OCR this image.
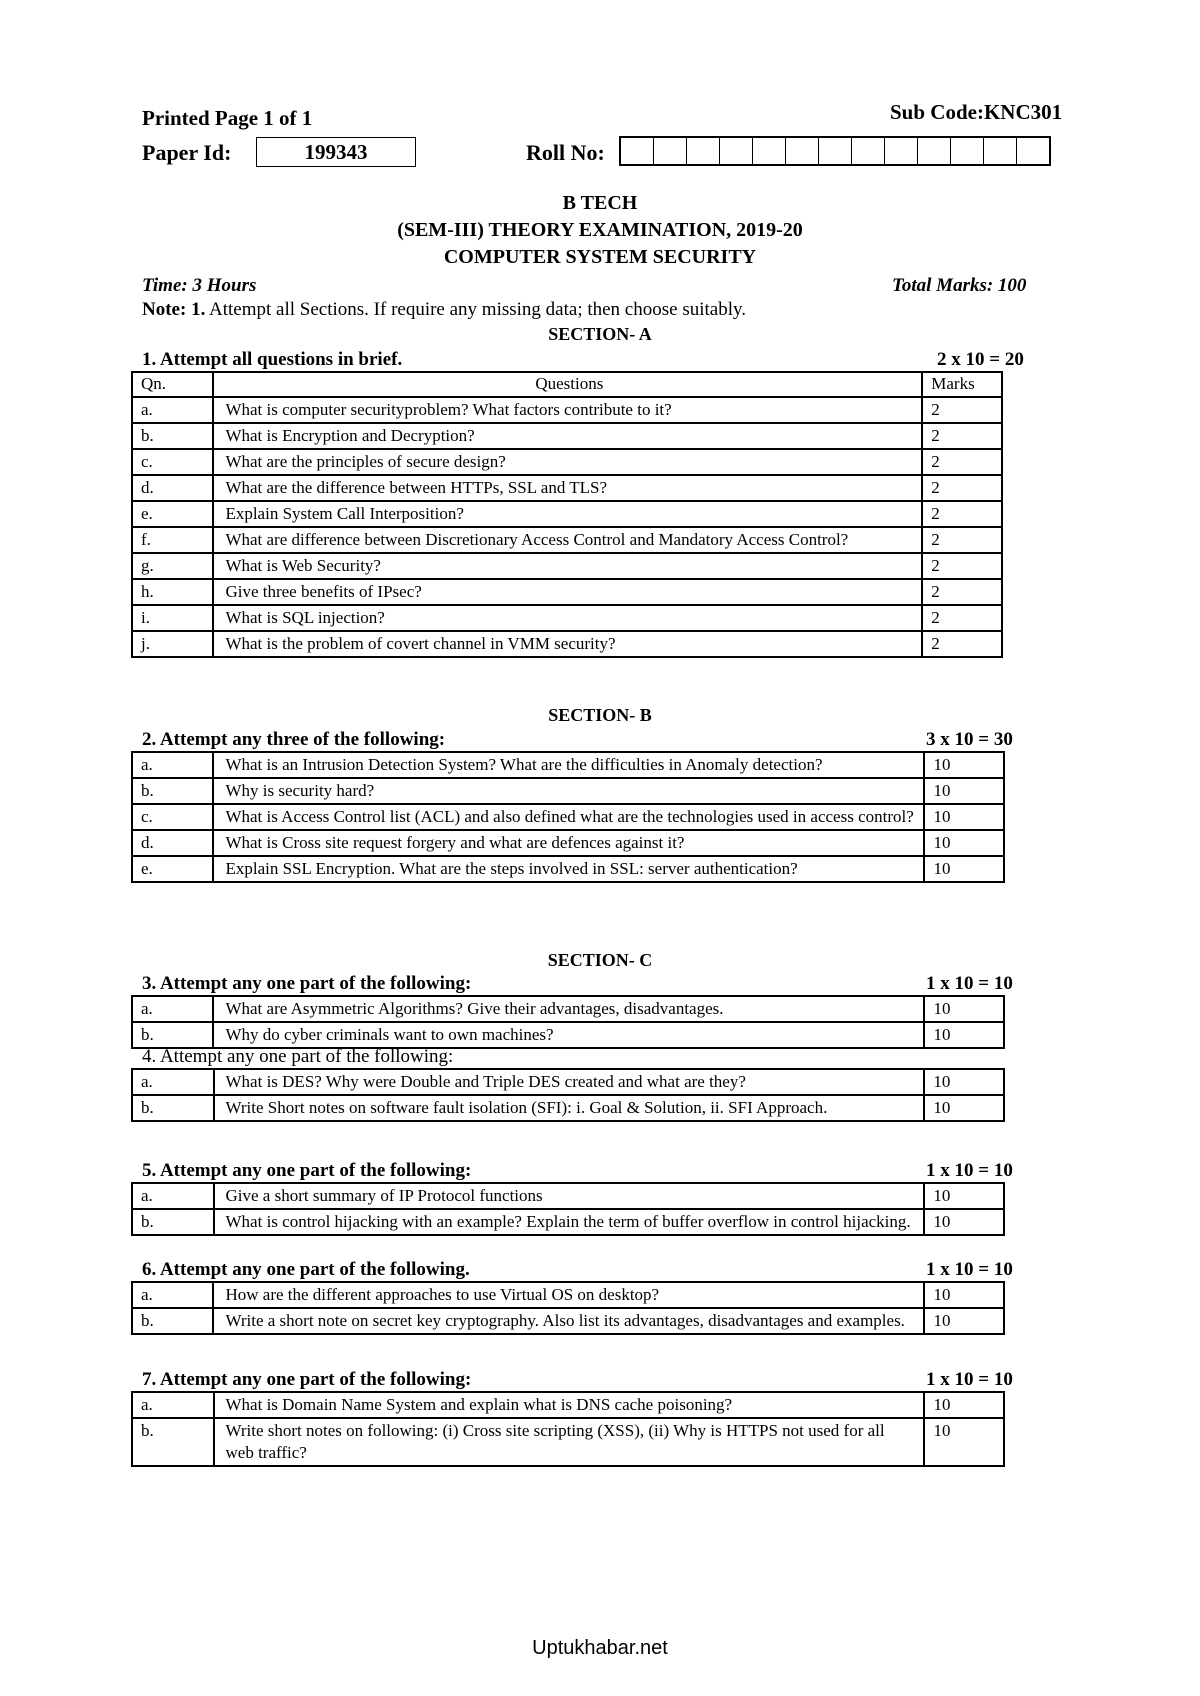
Printed Page 1 of 1	Sub Code:KNC301
Paper Id:	199343	Roll No:
B TECH
(SEM-III) THEORY EXAMINATION, 2019-20
COMPUTER SYSTEM SECURITY
Time: 3 Hours	Total Marks: 100
Note: 1. Attempt all Sections. If require any missing data; then choose suitably.
SECTION- A
1. Attempt all questions in brief.	2 x 10 = 20
Qn.	Questions	Marks
a.	What is computer securityproblem? What factors contribute to it?	2
b.	What is Encryption and Decryption?	2
c.	What are the principles of secure design?	2
d.	What are the difference between HTTPs, SSL and TLS?	2
e.	Explain System Call Interposition?	2
f.	What are difference between Discretionary Access Control and Mandatory Access Control?	2
g.	What is Web Security?	2
h.	Give three benefits of IPsec?	2
i.	What is SQL injection?	2
j.	What is the problem of covert channel in VMM security?	2
SECTION- B
2. Attempt any three of the following:	3 x 10 = 30
a.	What is an Intrusion Detection System? What are the difficulties in Anomaly detection?	10
b.	Why is security hard?	10
c.	What is Access Control list (ACL) and also defined what are the technologies used in access control?	10
d.	What is Cross site request forgery and what are defences against it?	10
e.	Explain SSL Encryption. What are the steps involved in SSL: server authentication?	10
SECTION- C
3. Attempt any one part of the following:	1 x 10 = 10
a.	What are Asymmetric Algorithms? Give their advantages, disadvantages.	10
b.	Why do cyber criminals want to own machines?	10
4. Attempt any one part of the following:
a.	What is DES? Why were Double and Triple DES created and what are they?	10
b.	Write Short notes on software fault isolation (SFI): i. Goal & Solution, ii. SFI Approach.	10
5. Attempt any one part of the following:	1 x 10 = 10
a.	Give a short summary of IP Protocol functions	10
b.	What is control hijacking with an example? Explain the term of buffer overflow in control hijacking.	10
6. Attempt any one part of the following.	1 x 10 = 10
a.	How are the different approaches to use Virtual OS on desktop?	10
b.	Write a short note on secret key cryptography. Also list its advantages, disadvantages and examples.	10
7. Attempt any one part of the following:	1 x 10 = 10
a.	What is Domain Name System and explain what is DNS cache poisoning?	10
b.	Write short notes on following: (i) Cross site scripting (XSS), (ii) Why is HTTPS not used for all web traffic?	10
Uptukhabar.net
